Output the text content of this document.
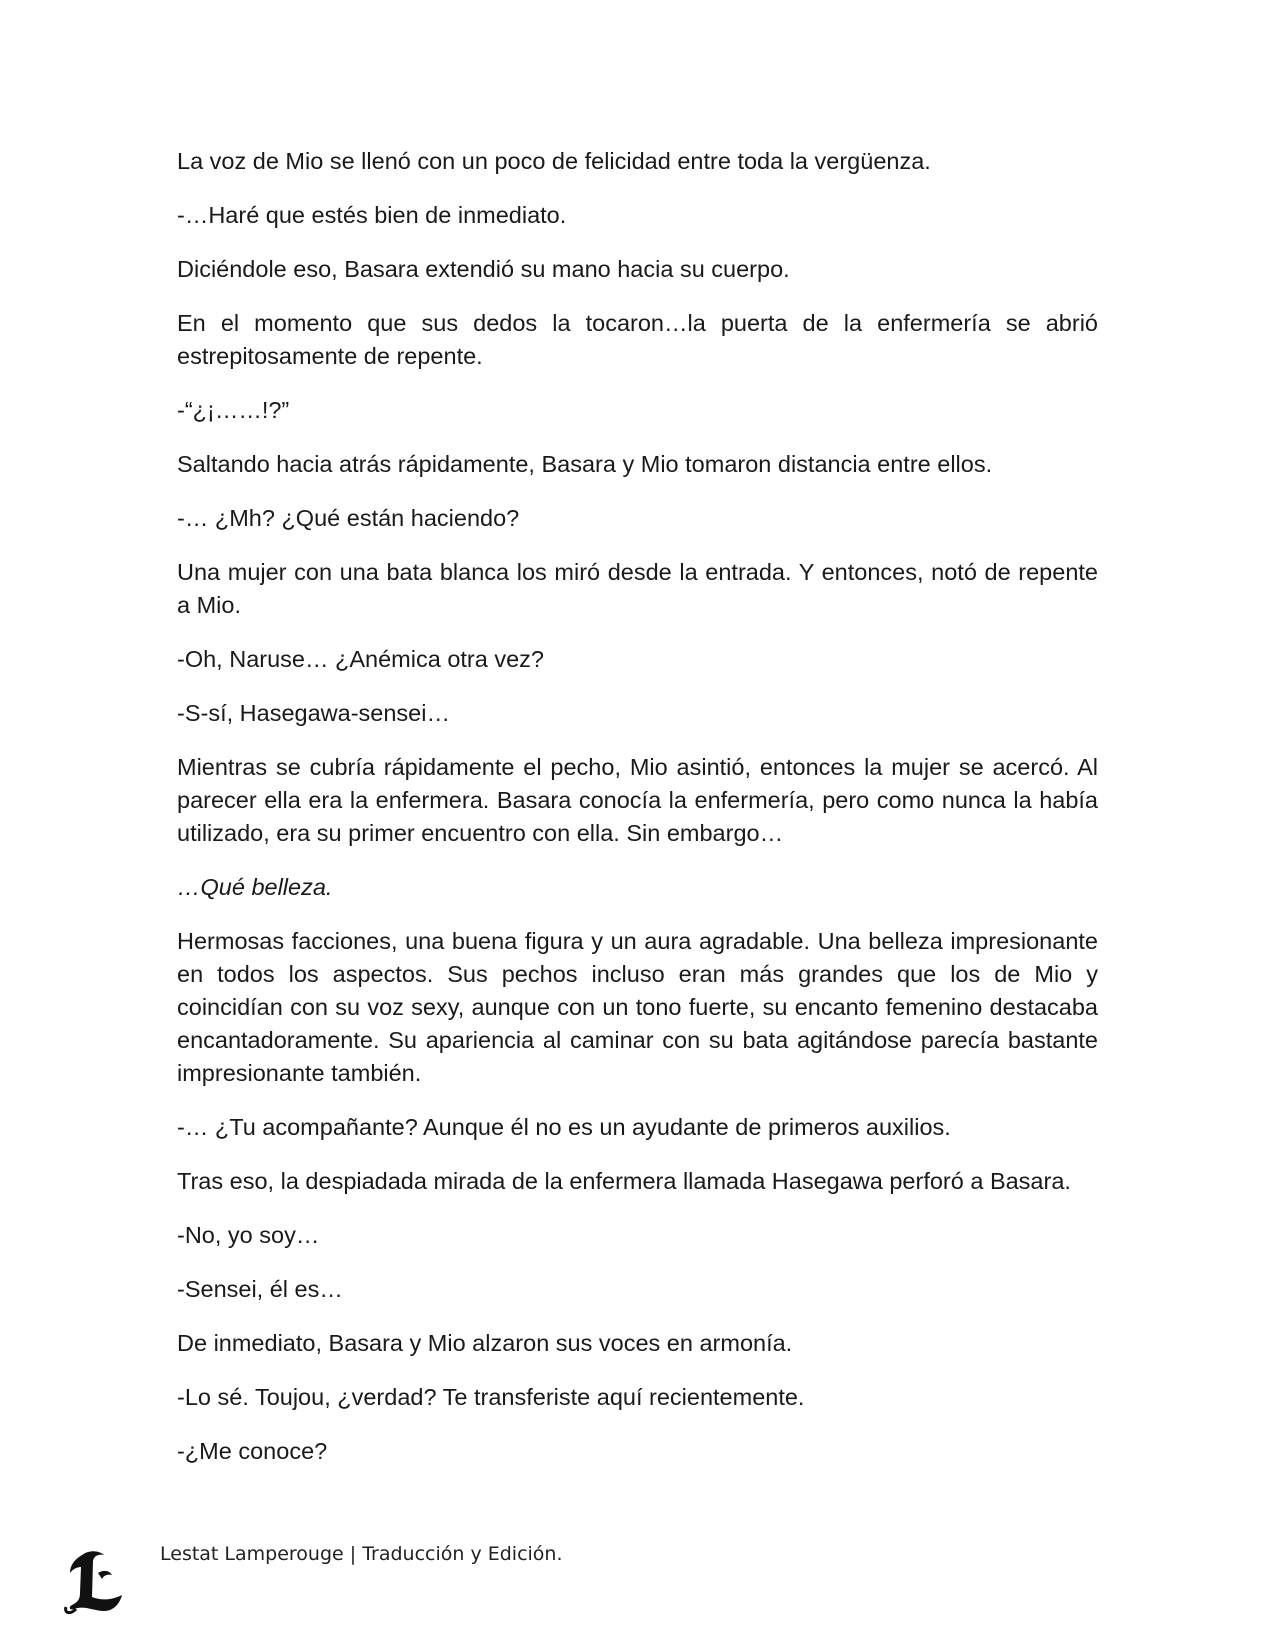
La voz de Mio se llenó con un poco de felicidad entre toda la vergüenza.

-…Haré que estés bien de inmediato.

Diciéndole eso, Basara extendió su mano hacia su cuerpo.

En el momento que sus dedos la tocaron…la puerta de la enfermería se abrió estrepitosamente de repente.

-“¿¡……!?”

Saltando hacia atrás rápidamente, Basara y Mio tomaron distancia entre ellos.

-… ¿Mh? ¿Qué están haciendo?

Una mujer con una bata blanca los miró desde la entrada. Y entonces, notó de repente a Mio.

-Oh, Naruse… ¿Anémica otra vez?

-S-sí, Hasegawa-sensei…

Mientras se cubría rápidamente el pecho, Mio asintió, entonces la mujer se acercó. Al parecer ella era la enfermera. Basara conocía la enfermería, pero como nunca la había utilizado, era su primer encuentro con ella. Sin embargo…

…Qué belleza.

Hermosas facciones, una buena figura y un aura agradable. Una belleza impresionante en todos los aspectos. Sus pechos incluso eran más grandes que los de Mio y coincidían con su voz sexy, aunque con un tono fuerte, su encanto femenino destacaba encantadoramente. Su apariencia al caminar con su bata agitándose parecía bastante impresionante también.

-… ¿Tu acompañante? Aunque él no es un ayudante de primeros auxilios.

Tras eso, la despiadada mirada de la enfermera llamada Hasegawa perforó a Basara.

-No, yo soy…

-Sensei, él es…

De inmediato, Basara y Mio alzaron sus voces en armonía.

-Lo sé. Toujou, ¿verdad? Te transferiste aquí recientemente.

-¿Me conoce?

Lestat Lamperouge | Traducción y Edición.
